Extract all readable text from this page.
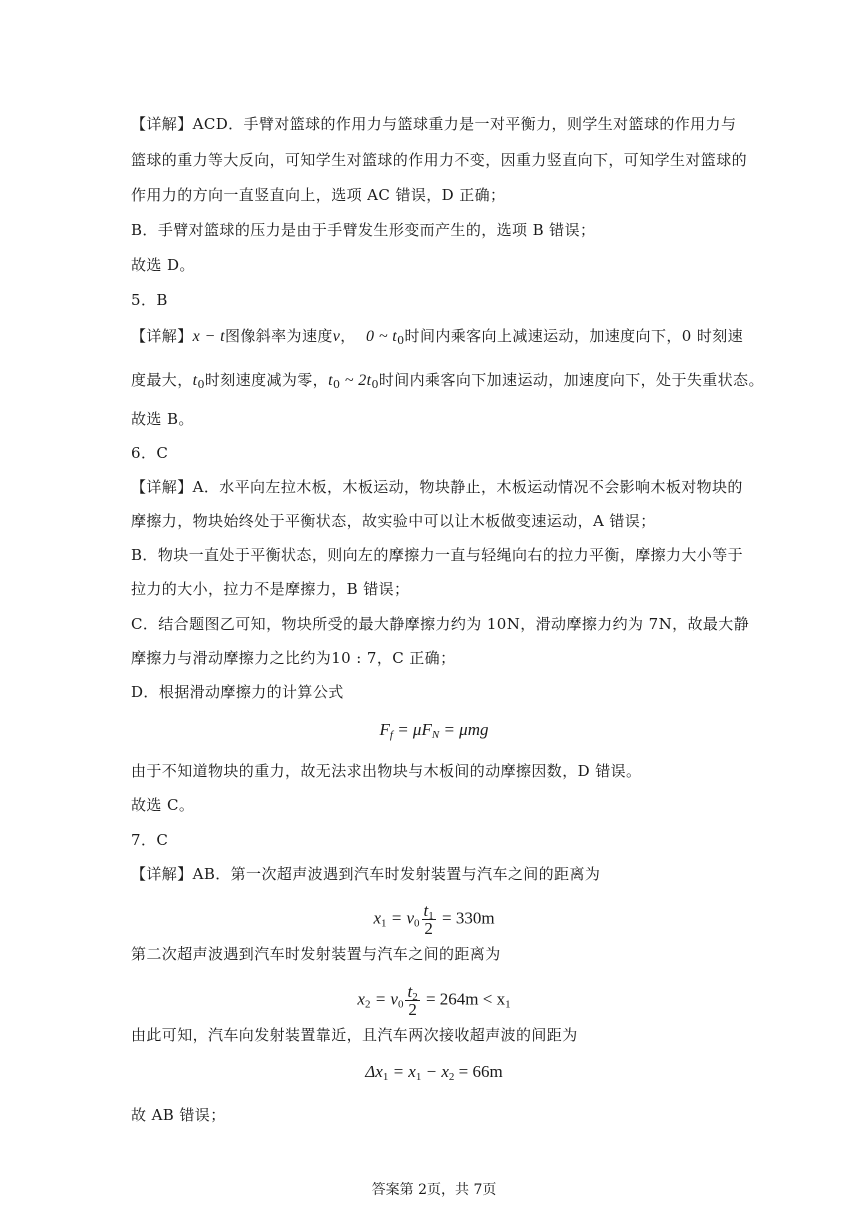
【详解】ACD．手臂对篮球的作用力与篮球重力是一对平衡力，则学生对篮球的作用力与
篮球的重力等大反向，可知学生对篮球的作用力不变，因重力竖直向下，可知学生对篮球的
作用力的方向一直竖直向上，选项 AC 错误，D 正确；
B．手臂对篮球的压力是由于手臂发生形变而产生的，选项 B 错误；
故选 D。
5．B
【详解】x − t图像斜率为速度v， 0 ~ $t_0$时间内乘客向上减速运动，加速度向下，0 时刻速
度最大，$t_0$时刻速度减为零，$t_0$ ~ $2t_0$时间内乘客向下加速运动，加速度向下，处于失重状态。
故选 B。
6．C
【详解】A．水平向左拉木板，木板运动，物块静止，木板运动情况不会影响木板对物块的
摩擦力，物块始终处于平衡状态，故实验中可以让木板做变速运动，A 错误；
B．物块一直处于平衡状态，则向左的摩擦力一直与轻绳向右的拉力平衡，摩擦力大小等于
拉力的大小，拉力不是摩擦力，B 错误；
C．结合题图乙可知，物块所受的最大静摩擦力约为 10N，滑动摩擦力约为 7N，故最大静
摩擦力与滑动摩擦力之比约为10 : 7，C 正确；
D．根据滑动摩擦力的计算公式
$F_f = \mu F_N = \mu mg$
由于不知道物块的重力，故无法求出物块与木板间的动摩擦因数，D 错误。
故选 C。
7．C
【详解】AB．第一次超声波遇到汽车时发射装置与汽车之间的距离为
$x_1 = v_0 \frac{t_1}{2} = 330m$
第二次超声波遇到汽车时发射装置与汽车之间的距离为
$x_2 = v_0 \frac{t_2}{2} = 264m < x_1$
由此可知，汽车向发射装置靠近，且汽车两次接收超声波的间距为
$\Delta x_1 = x_1 - x_2 = 66m$
故 AB 错误；
答案第 2页，共 7页
